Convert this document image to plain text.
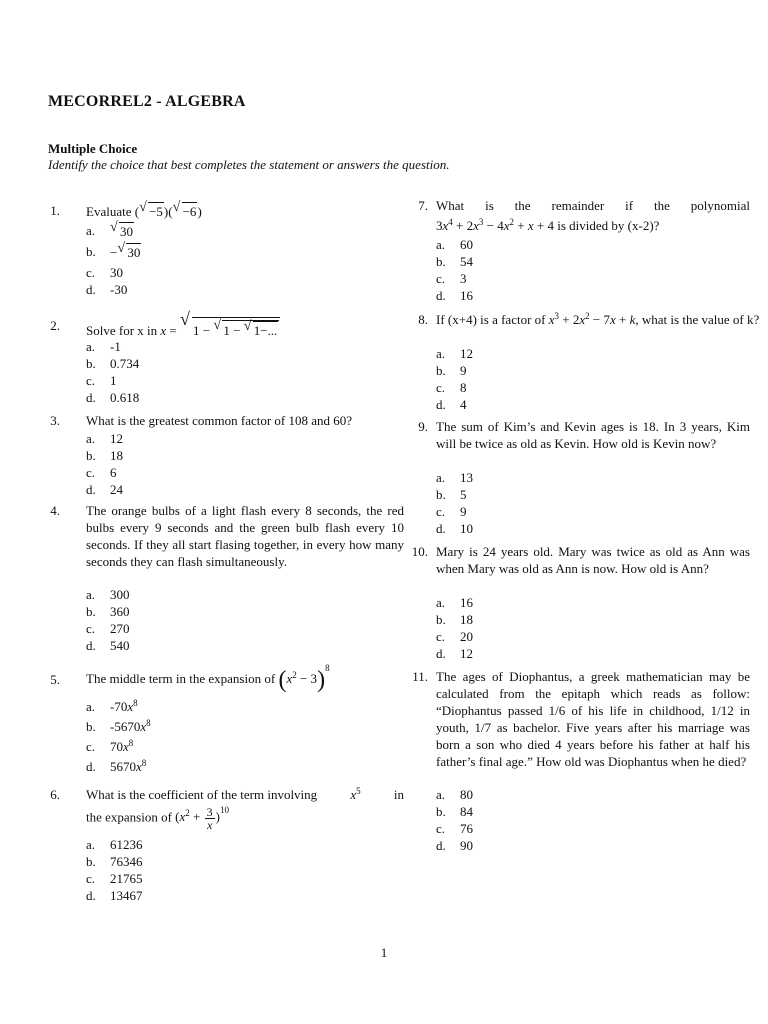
MECORREL2 - ALGEBRA
Multiple Choice
Identify the choice that best completes the statement or answers the question.
1. Evaluate ( √ −5)( √ −6)
a. √ 30
b. − √ 30
c. 30
d. -30
2. Solve for x in x =
√
1 − √ 1 − √ 1−...
a. -1
b. 0.734
c. 1
d. 0.618
3. What is the greatest common factor of 108 and 60?
a. 12
b. 18
c. 6
d. 24
4. The orange bulbs of a light flash every 8 seconds, the red bulbs every 9 seconds and the green bulb flash every 10 seconds. If they all start flasing together, in every how many seconds they can flash simultaneously.
a. 300
b. 360
c. 270
d. 540
5. The middle term in the expansion of $(x^2 - 3)^8$
a. $-70x^8$
b. $-5670x^8$
c. $70x^8$
d. $5670x^8$
6. What is the coefficient of the term involving	$x^5$	in
the expansion of $(x^2 + \frac{3}{x} )^{10}$
a. 61236
b. 76346
c. 21765
d. 13467
7. What is the remainder if the polynomial
$3x^4 + 2x^3 - 4x^2 + x + 4$ is divided by (x-2)?
a. 60
b. 54
c. 3
d. 16
8. If (x+4) is a factor of $x^3 + 2x^2 - 7x + k$, what is the value of k?
a. 12
b. 9
c. 8
d. 4
9. The sum of Kim’s and Kevin ages is 18. In 3 years, Kim will be twice as old as Kevin. How old is Kevin now?
a. 13
b. 5
c. 9
d. 10
10. Mary is 24 years old. Mary was twice as old as Ann was when Mary was old as Ann is now. How old is Ann?
a. 16
b. 18
c. 20
d. 12
11. The ages of Diophantus, a greek mathematician may be calculated from the epitaph which reads as follow: “Diophantus passed 1/6 of his life in childhood, 1/12 in youth, 1/7 as bachelor. Five years after his marriage was born a son who died 4 years before his father at half his father’s final age.” How old was Diophantus when he died?
a. 80
b. 84
c. 76
d. 90
1
